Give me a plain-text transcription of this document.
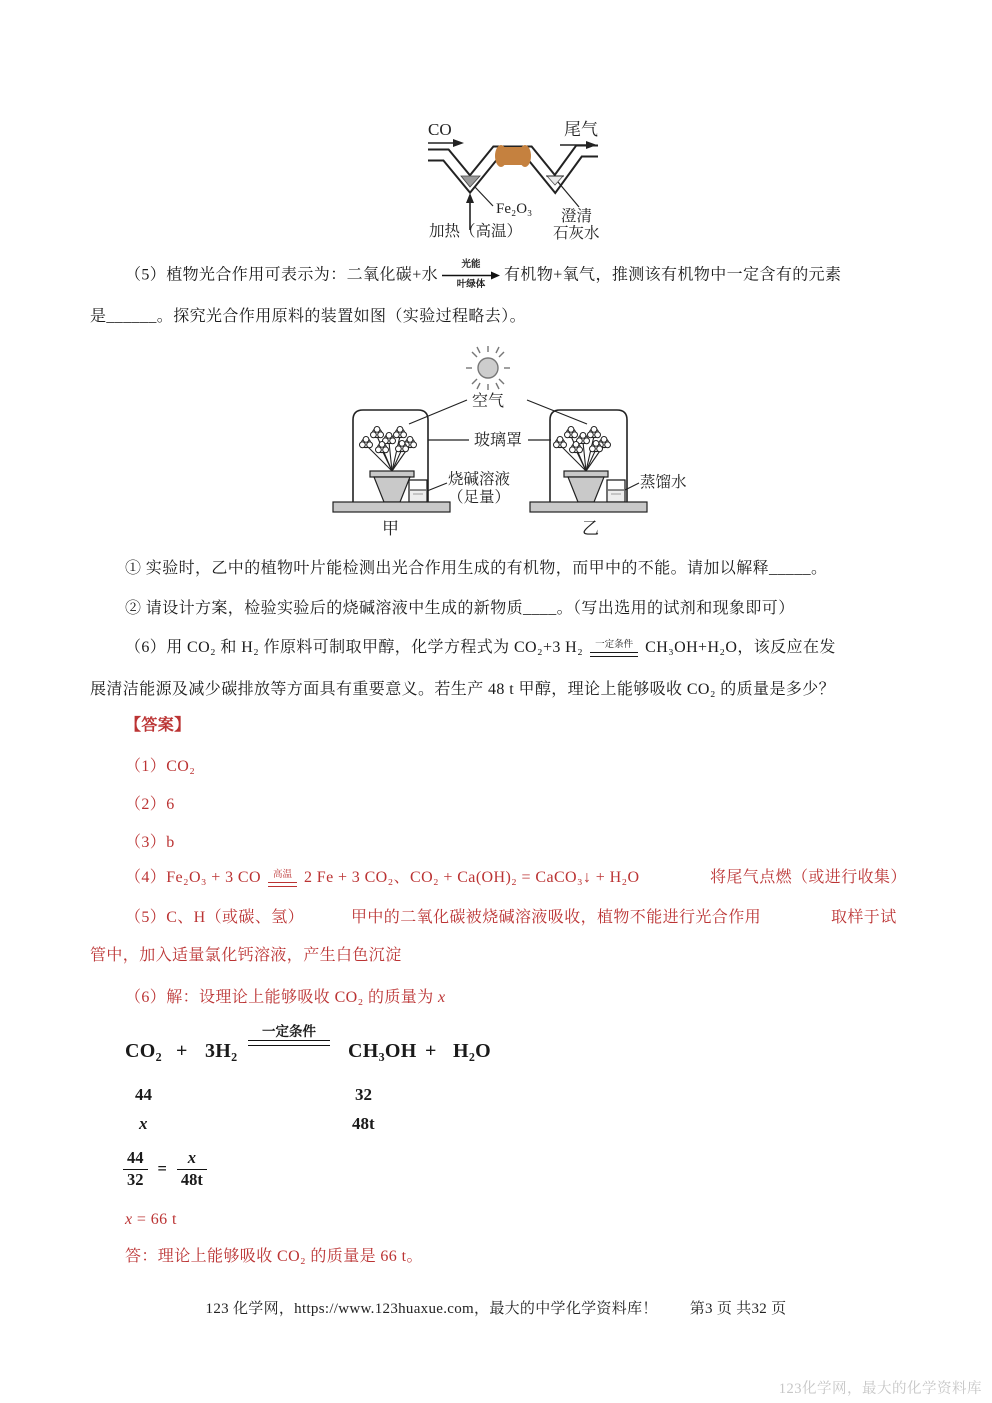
CO	尾气
Fe₂O₃
加热（高温）
澄清
石灰水
（5）植物光合作用可表示为：二氧化碳+水
光能
叶绿体
有机物+氧气，推测该有机物中一定含有的元素
是______。探究光合作用原料的装置如图（实验过程略去）。
空气
玻璃罩
烧碱溶液
（足量）
蒸馏水
甲	乙
① 实验时，乙中的植物叶片能检测出光合作用生成的有机物，而甲中的不能。请加以解释_____。
② 请设计方案，检验实验后的烧碱溶液中生成的新物质____。（写出选用的试剂和现象即可）
（6）用 CO₂ 和 H₂ 作原料可制取甲醇，化学方程式为 CO₂+3 H₂	一定条件 CH₃OH+H₂O，该反应在发
展清洁能源及减少碳排放等方面具有重要意义。若生产 48 t 甲醇，理论上能够吸收 CO₂ 的质量是多少？
【答案】
（1）CO₂
（2）6
（3）b
（4）Fe₂O₃ + 3 CO	高温 2 Fe + 3 CO₂、CO₂ + Ca(OH)₂ = CaCO₃↓ + H₂O	将尾气点燃（或进行收集）
（5）C、H（或碳、氢）	甲中的二氧化碳被烧碱溶液吸收，植物不能进行光合作用	取样于试
管中，加入适量氯化钙溶液，产生白色沉淀
（6）解：设理论上能够吸收 CO₂ 的质量为 x
CO₂ + 3H₂
一定条件
CH₃OH + H₂O
44	32
x	48t
$\frac{44}{32} = \frac{x}{48t}$
x = 66 t
答：理论上能够吸收 CO₂ 的质量是 66 t。
123 化学网，https://www.123huaxue.com，最大的中学化学资料库！ 第3 页 共32 页
123化学网，最大的化学资料库
